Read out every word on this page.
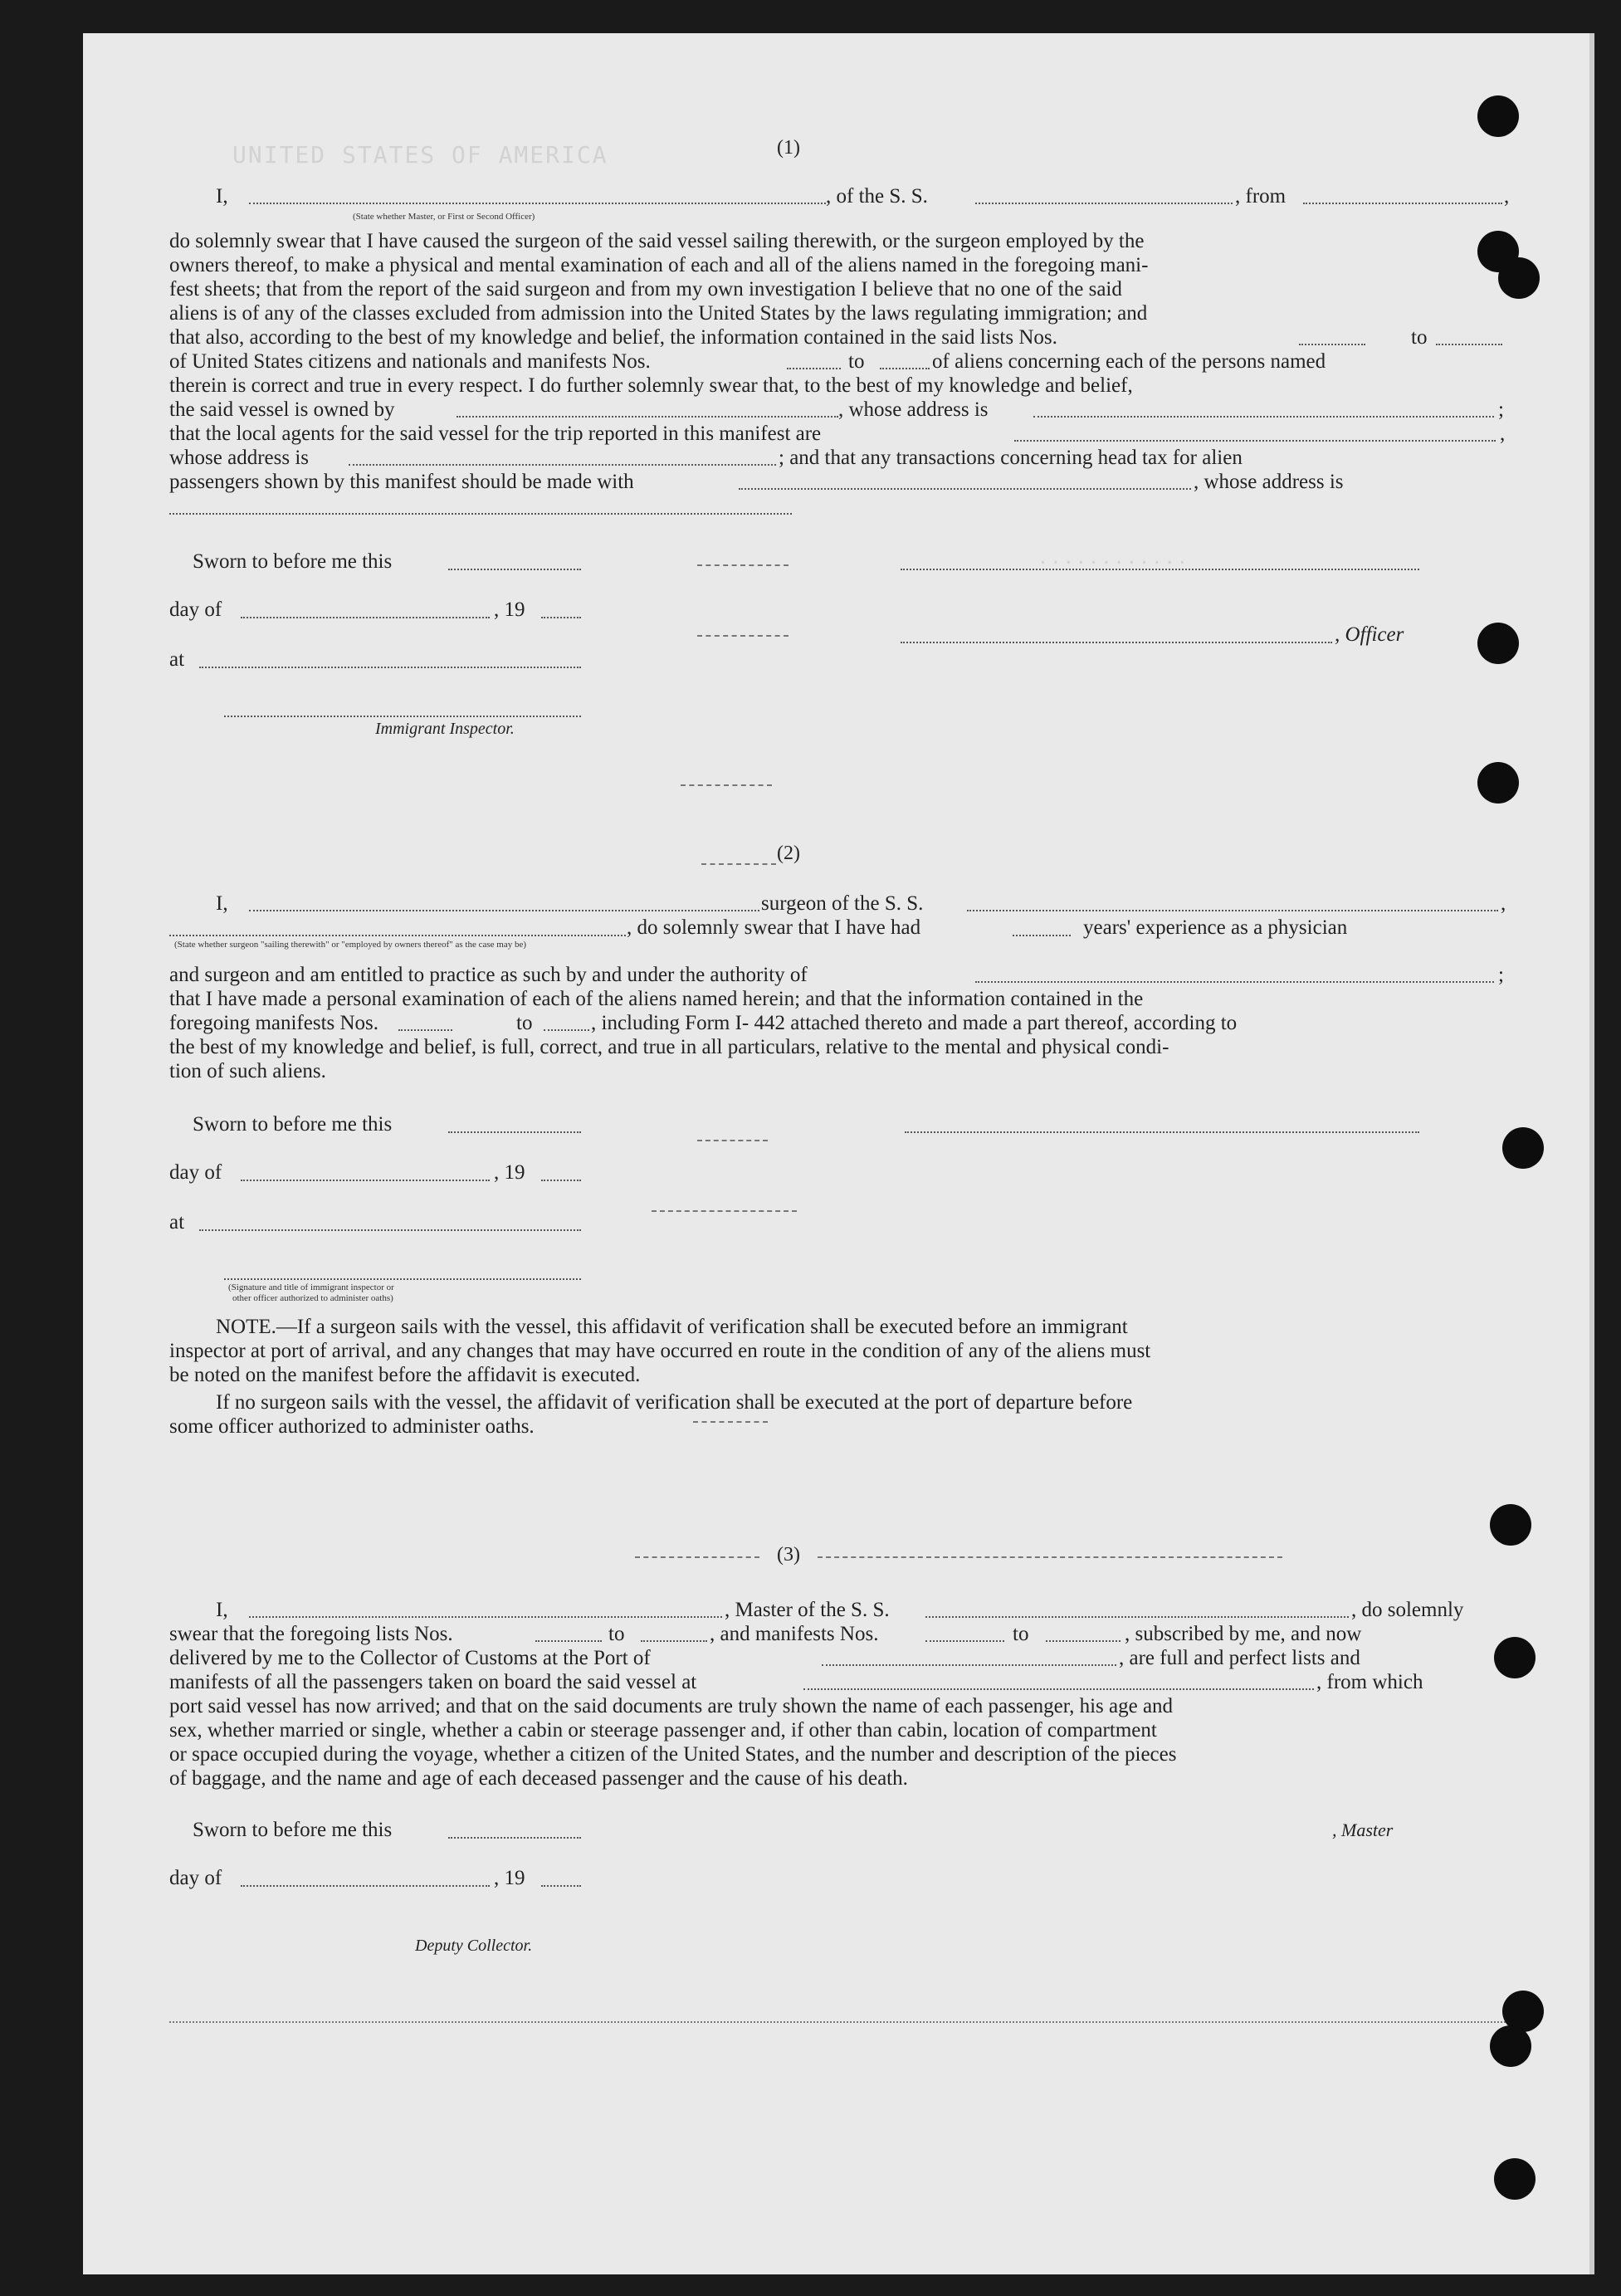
UNITED STATES OF AMERICA
............
(1)
I,	, of the S. S.	, from	,
(State whether Master, or First or Second Officer)
do solemnly swear that I have caused the surgeon of the said vessel sailing therewith, or the surgeon employed by the
owners thereof, to make a physical and mental examination of each and all of the aliens named in the foregoing mani-
fest sheets; that from the report of the said surgeon and from my own investigation I believe that no one of the said
aliens is of any of the classes excluded from admission into the United States by the laws regulating immigration; and
that also, according to the best of my knowledge and belief, the information contained in the said lists Nos.	to
of United States citizens and nationals and manifests Nos.	to	of aliens concerning each of the persons named
therein is correct and true in every respect. I do further solemnly swear that, to the best of my knowledge and belief,
the said vessel is owned by	, whose address is	;
that the local agents for the said vessel for the trip reported in this manifest are	,
whose address is	; and that any transactions concerning head tax for alien
passengers shown by this manifest should be made with	, whose address is
Sworn to before me this
day of	, 19
, Officer
at
Immigrant Inspector.
(2)
I,	surgeon of the S. S.	,
, do solemnly swear that I have had	years' experience as a physician
(State whether surgeon "sailing therewith" or "employed by owners thereof" as the case may be)
and surgeon and am entitled to practice as such by and under the authority of	;
that I have made a personal examination of each of the aliens named herein; and that the information contained in the
foregoing manifests Nos.	to	, including Form I- 442 attached thereto and made a part thereof, according to
the best of my knowledge and belief, is full, correct, and true in all particulars, relative to the mental and physical condi-
tion of such aliens.
Sworn to before me this
day of	, 19
at
(Signature and title of immigrant inspector or
other officer authorized to administer oaths)
NOTE.—If a surgeon sails with the vessel, this affidavit of verification shall be executed before an immigrant
inspector at port of arrival, and any changes that may have occurred en route in the condition of any of the aliens must
be noted on the manifest before the affidavit is executed.
If no surgeon sails with the vessel, the affidavit of verification shall be executed at the port of departure before
some officer authorized to administer oaths.
(3)
I,	, Master of the S. S.	, do solemnly
swear that the foregoing lists Nos.	to	, and manifests Nos.	to	, subscribed by me, and now
delivered by me to the Collector of Customs at the Port of	, are full and perfect lists and
manifests of all the passengers taken on board the said vessel at	, from which
port said vessel has now arrived; and that on the said documents are truly shown the name of each passenger, his age and
sex, whether married or single, whether a cabin or steerage passenger and, if other than cabin, location of compartment
or space occupied during the voyage, whether a citizen of the United States, and the number and description of the pieces
of baggage, and the name and age of each deceased passenger and the cause of his death.
Sworn to before me this	, Master
day of	, 19
Deputy Collector.
